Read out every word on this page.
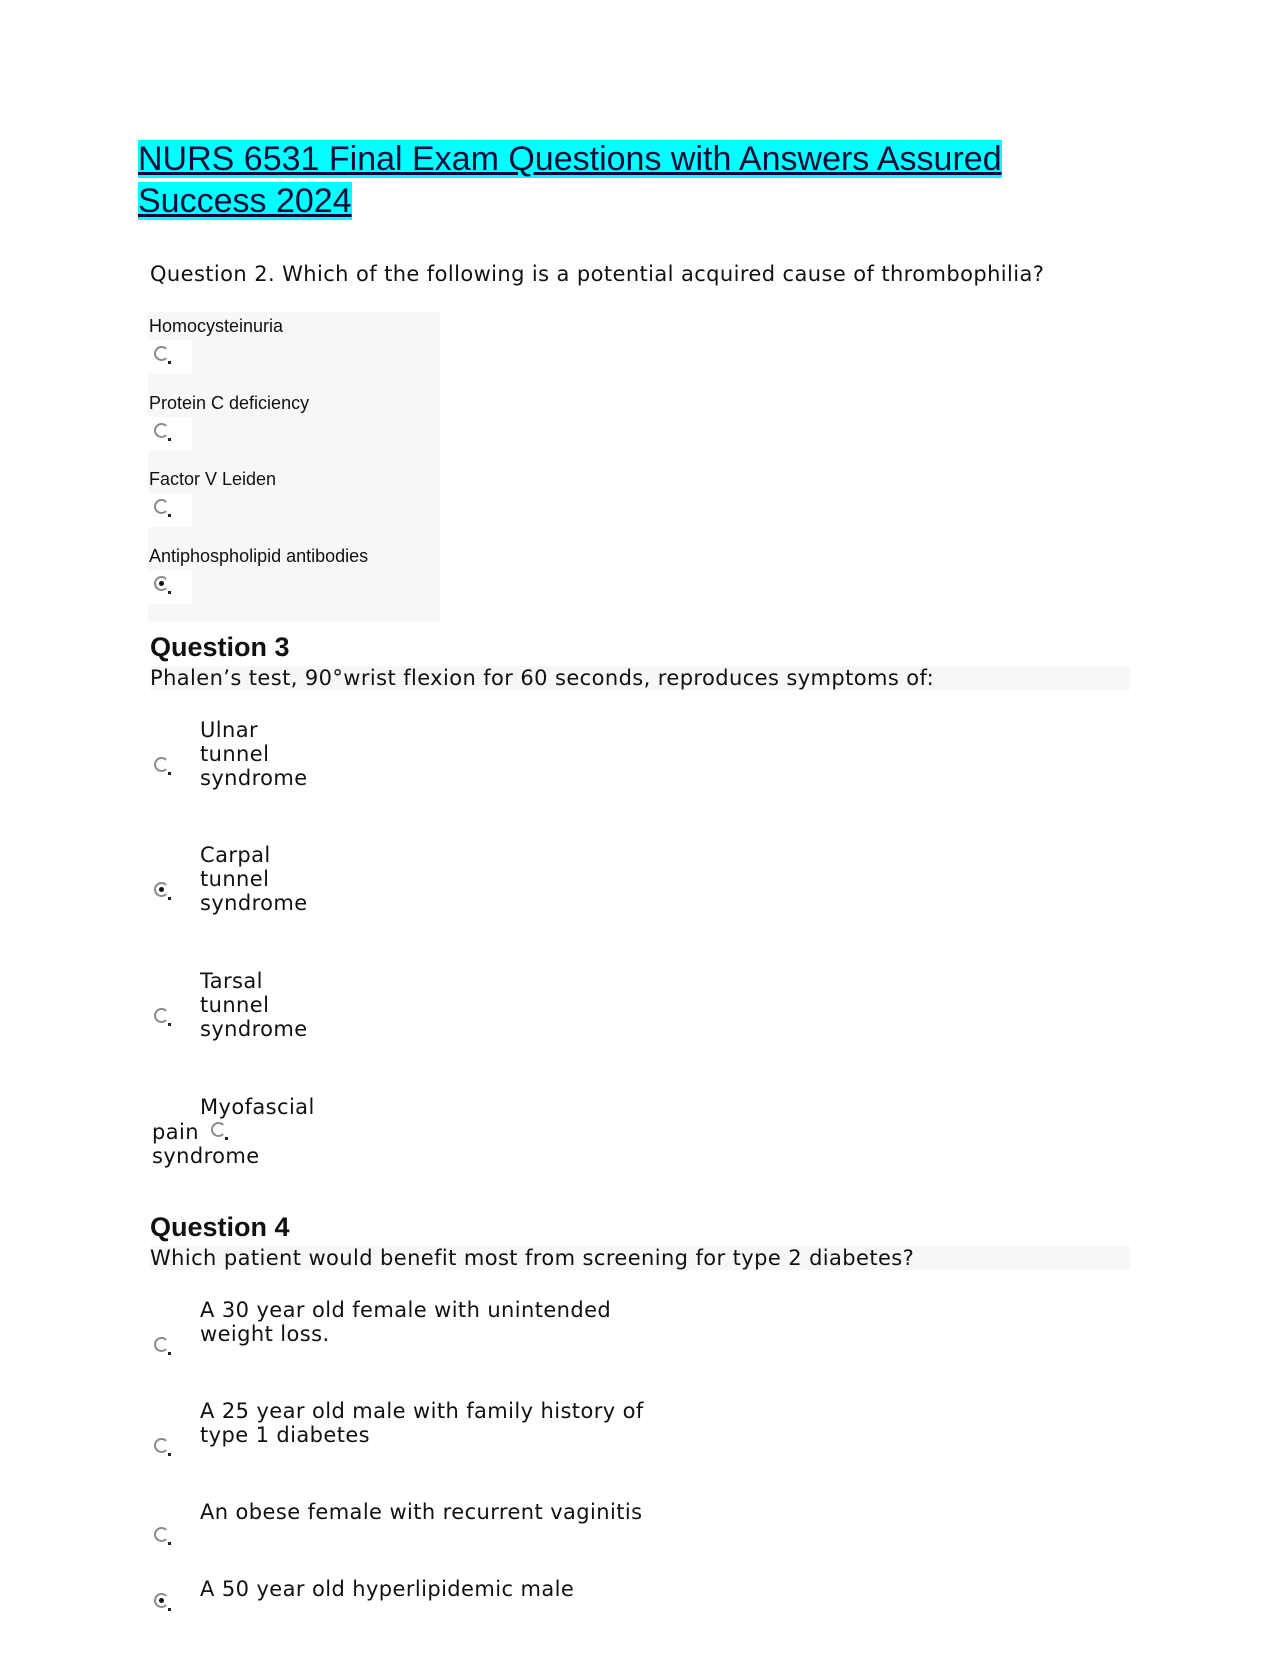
NURS 6531 Final Exam Questions with Answers Assured Success 2024
Question 2. Which of the following is a potential acquired cause of thrombophilia?
Homocysteinuria
Protein C deficiency
Factor V Leiden
Antiphospholipid antibodies
Question 3
Phalen’s test, 90°wrist flexion for 60 seconds, reproduces symptoms of:
Ulnar tunnel syndrome
Carpal tunnel syndrome
Tarsal tunnel syndrome
Myofascial
pain
syndrome
Question 4
Which patient would benefit most from screening for type 2 diabetes?
A 30 year old female with unintended weight loss.
A 25 year old male with family history of type 1 diabetes
An obese female with recurrent vaginitis
A 50 year old hyperlipidemic male
